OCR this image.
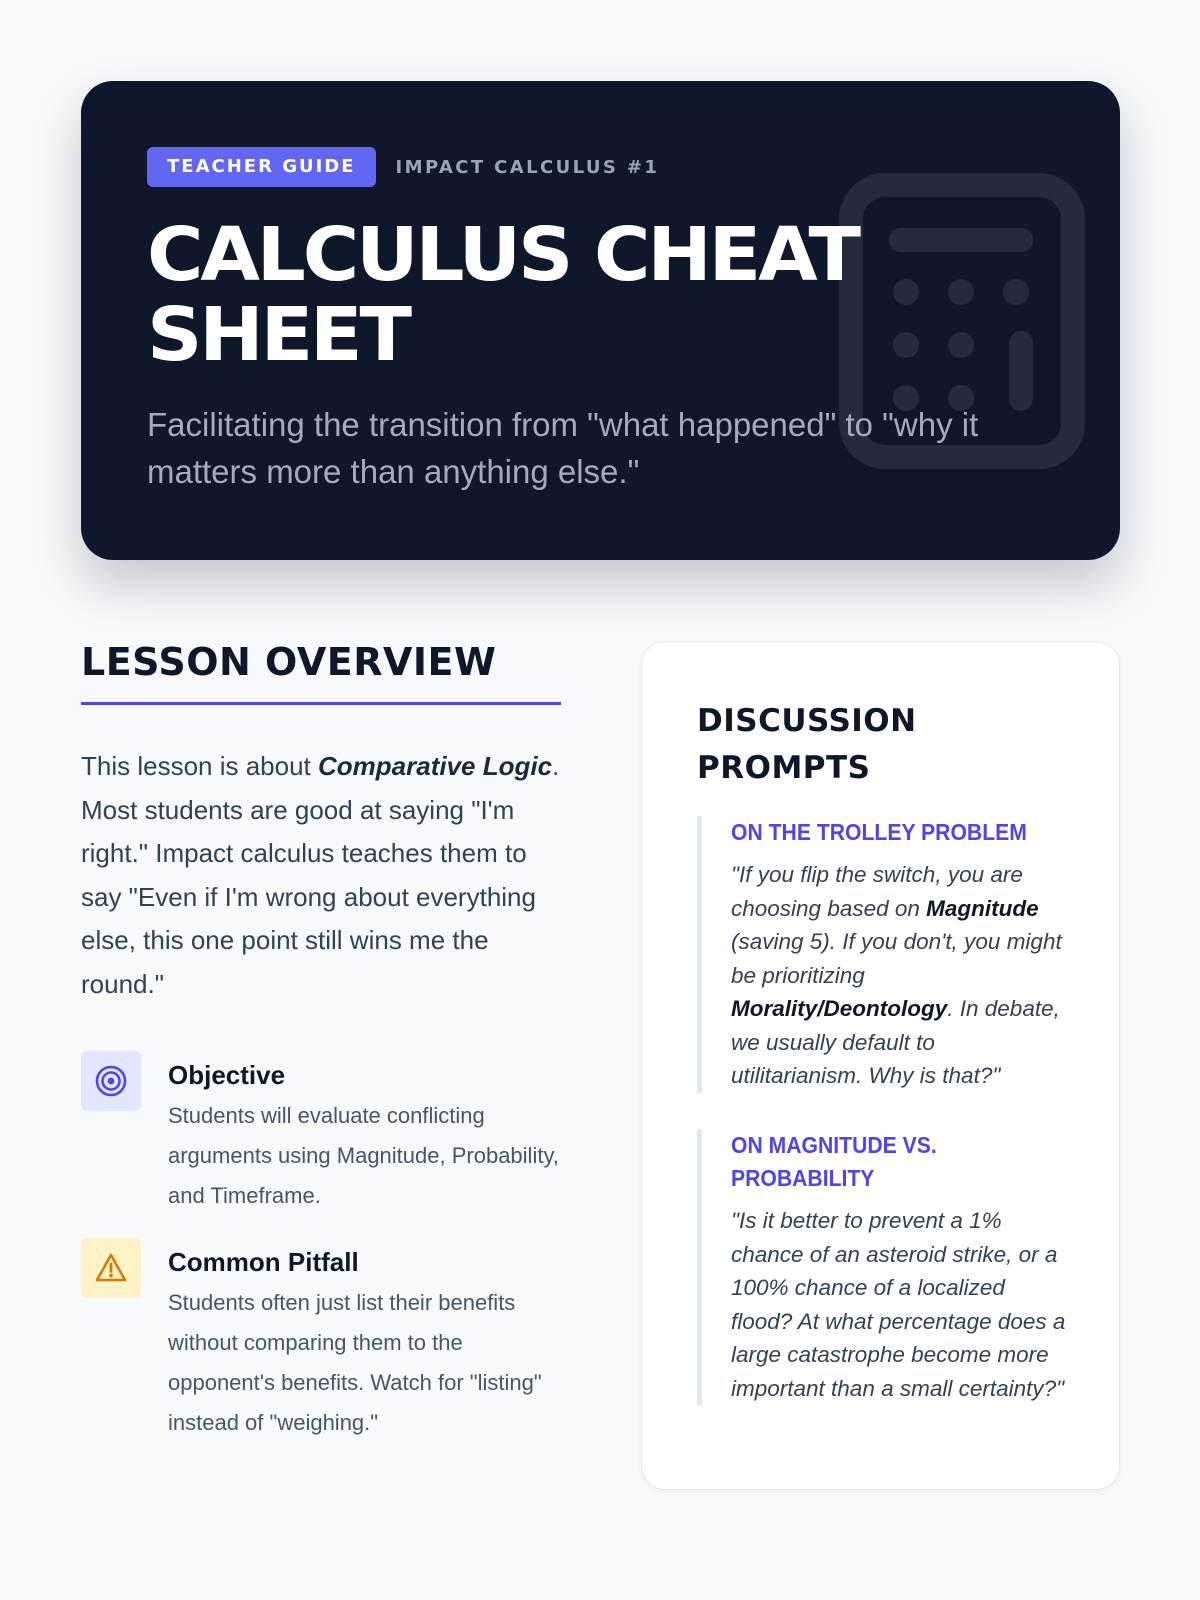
TEACHER GUIDE	IMPACT CALCULUS #1
CALCULUS CHEAT
SHEET

Facilitating the transition from "what happened" to "why it matters more than anything else."

LESSON OVERVIEW

This lesson is about Comparative Logic. Most students are good at saying "I'm right." Impact calculus teaches them to say "Even if I'm wrong about everything else, this one point still wins me the round."

Objective
Students will evaluate conflicting arguments using Magnitude, Probability, and Timeframe.
Common Pitfall
Students often just list their benefits without comparing them to the opponent's benefits. Watch for "listing" instead of "weighing."
DISCUSSION PROMPTS
ON THE TROLLEY PROBLEM

"If you flip the switch, you are choosing based on Magnitude (saving 5). If you don't, you might be prioritizing Morality/Deontology. In debate, we usually default to utilitarianism. Why is that?"

ON MAGNITUDE VS. PROBABILITY

"Is it better to prevent a 1% chance of an asteroid strike, or a 100% chance of a localized flood? At what percentage does a large catastrophe become more important than a small certainty?"
